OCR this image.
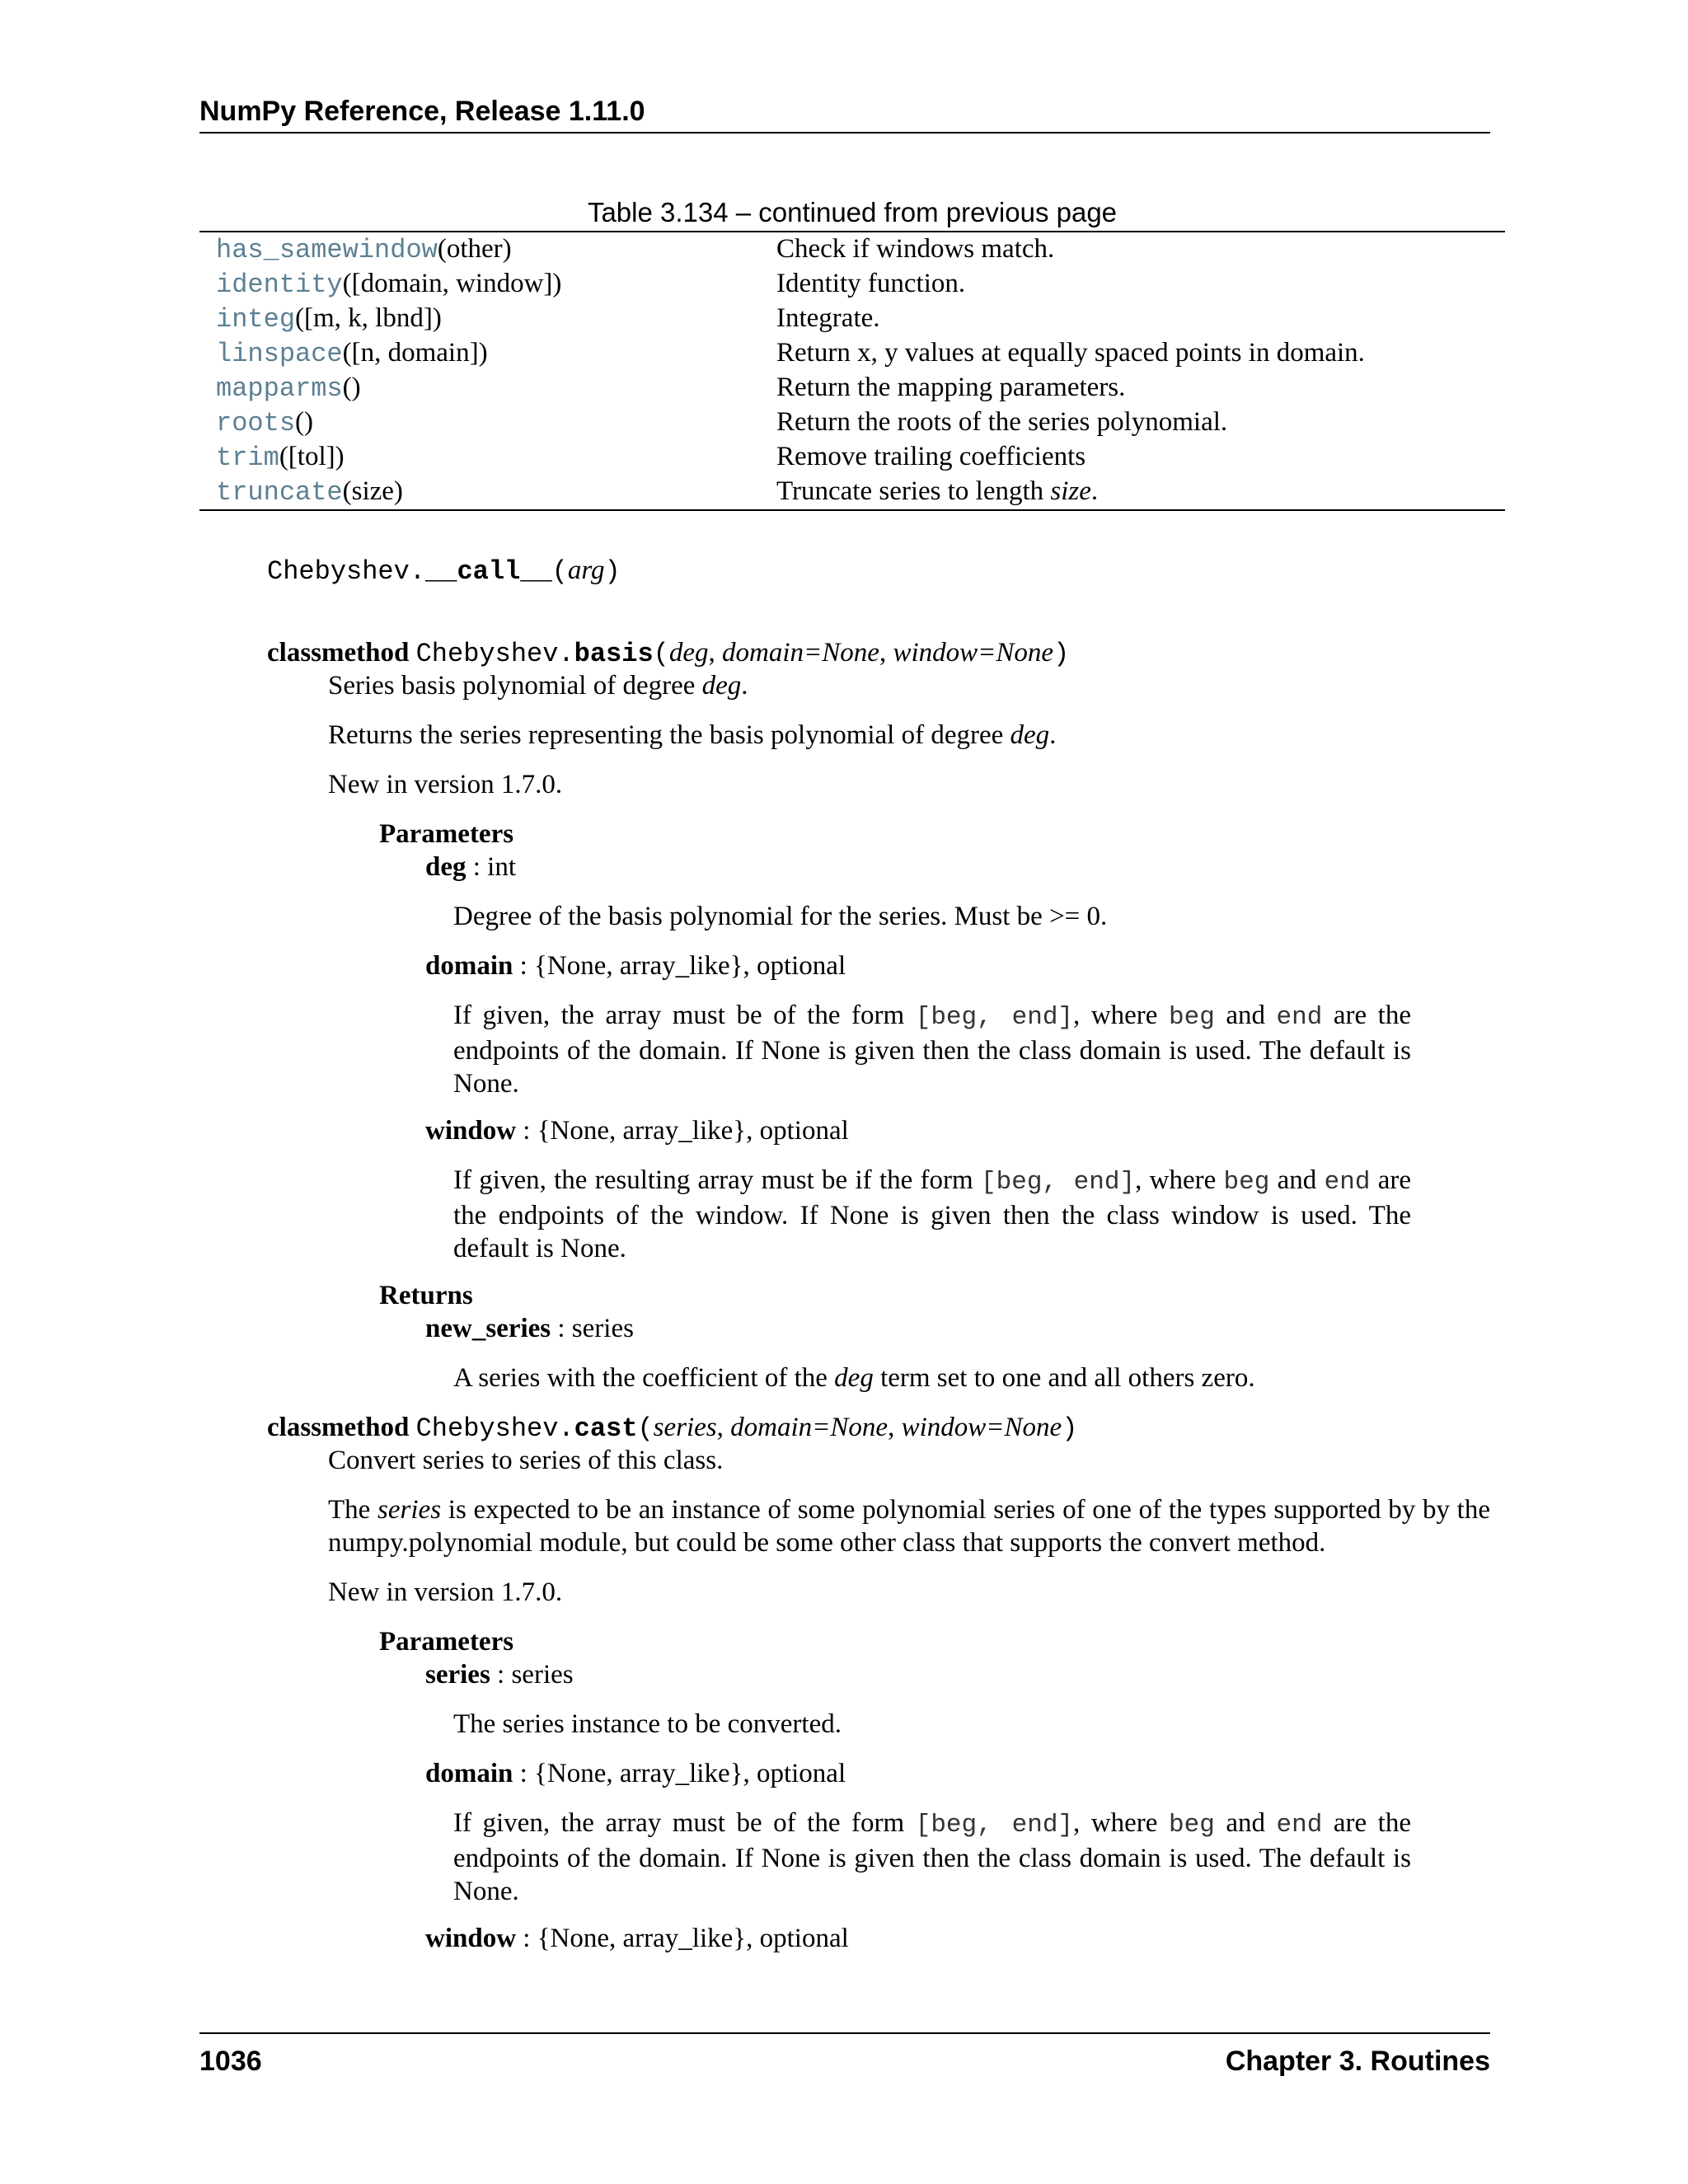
NumPy Reference, Release 1.11.0
Table 3.134 – continued from previous page
has_samewindow(other)	Check if windows match.
identity([domain, window])	Identity function.
integ([m, k, lbnd])	Integrate.
linspace([n, domain])	Return x, y values at equally spaced points in domain.
mapparms()	Return the mapping parameters.
roots()	Return the roots of the series polynomial.
trim([tol])	Remove trailing coefficients
truncate(size)	Truncate series to length size.
Chebyshev.__call__(arg)
classmethod Chebyshev.basis(deg, domain=None, window=None)
Series basis polynomial of degree deg.
Returns the series representing the basis polynomial of degree deg.
New in version 1.7.0.
Parameters
deg : int
Degree of the basis polynomial for the series. Must be >= 0.
domain : {None, array_like}, optional
If given, the array must be of the form [beg, end], where beg and end are the endpoints of the domain. If None is given then the class domain is used. The default is None.
window : {None, array_like}, optional
If given, the resulting array must be if the form [beg, end], where beg and end are the endpoints of the window. If None is given then the class window is used. The default is None.
Returns
new_series : series
A series with the coefficient of the deg term set to one and all others zero.
classmethod Chebyshev.cast(series, domain=None, window=None)
Convert series to series of this class.
The series is expected to be an instance of some polynomial series of one of the types supported by by the numpy.polynomial module, but could be some other class that supports the convert method.
New in version 1.7.0.
Parameters
series : series
The series instance to be converted.
domain : {None, array_like}, optional
If given, the array must be of the form [beg, end], where beg and end are the endpoints of the domain. If None is given then the class domain is used. The default is None.
window : {None, array_like}, optional
1036	Chapter 3. Routines
